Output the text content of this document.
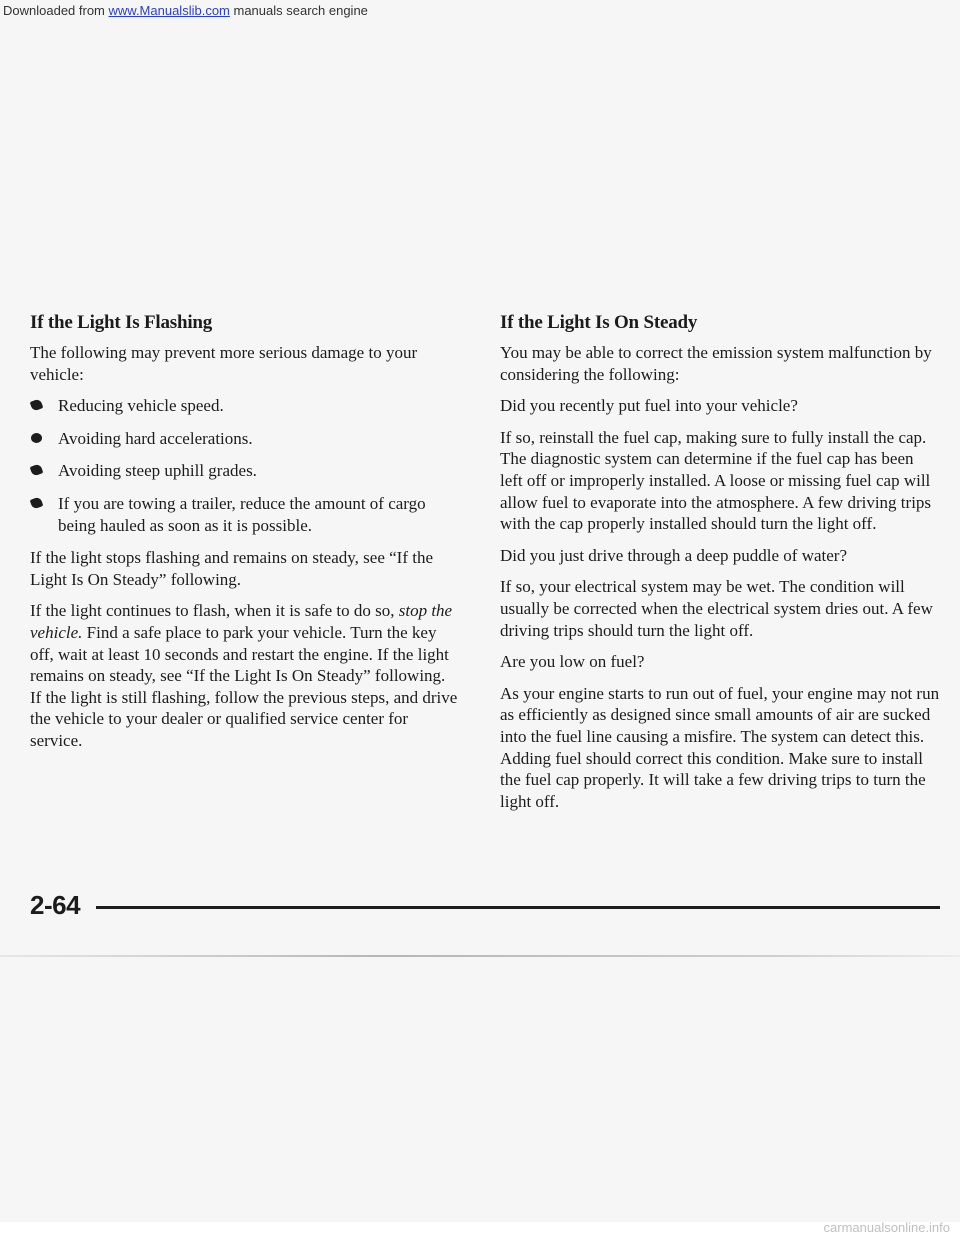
Downloaded from www.Manualslib.com manuals search engine
If the Light Is Flashing

The following may prevent more serious damage to your vehicle:

Reducing vehicle speed.
Avoiding hard accelerations.
Avoiding steep uphill grades.
If you are towing a trailer, reduce the amount of cargo being hauled as soon as it is possible.

If the light stops flashing and remains on steady, see “If the Light Is On Steady” following.

If the light continues to flash, when it is safe to do so, stop the vehicle. Find a safe place to park your vehicle. Turn the key off, wait at least 10 seconds and restart the engine. If the light remains on steady, see “If the Light Is On Steady” following. If the light is still flashing, follow the previous steps, and drive the vehicle to your dealer or qualified service center for service.

If the Light Is On Steady

You may be able to correct the emission system malfunction by considering the following:

Did you recently put fuel into your vehicle?

If so, reinstall the fuel cap, making sure to fully install the cap. The diagnostic system can determine if the fuel cap has been left off or improperly installed. A loose or missing fuel cap will allow fuel to evaporate into the atmosphere. A few driving trips with the cap properly installed should turn the light off.

Did you just drive through a deep puddle of water?

If so, your electrical system may be wet. The condition will usually be corrected when the electrical system dries out. A few driving trips should turn the light off.

Are you low on fuel?

As your engine starts to run out of fuel, your engine may not run as efficiently as designed since small amounts of air are sucked into the fuel line causing a misfire. The system can detect this. Adding fuel should correct this condition. Make sure to install the fuel cap properly. It will take a few driving trips to turn the light off.

2-64
carmanualsonline.info
